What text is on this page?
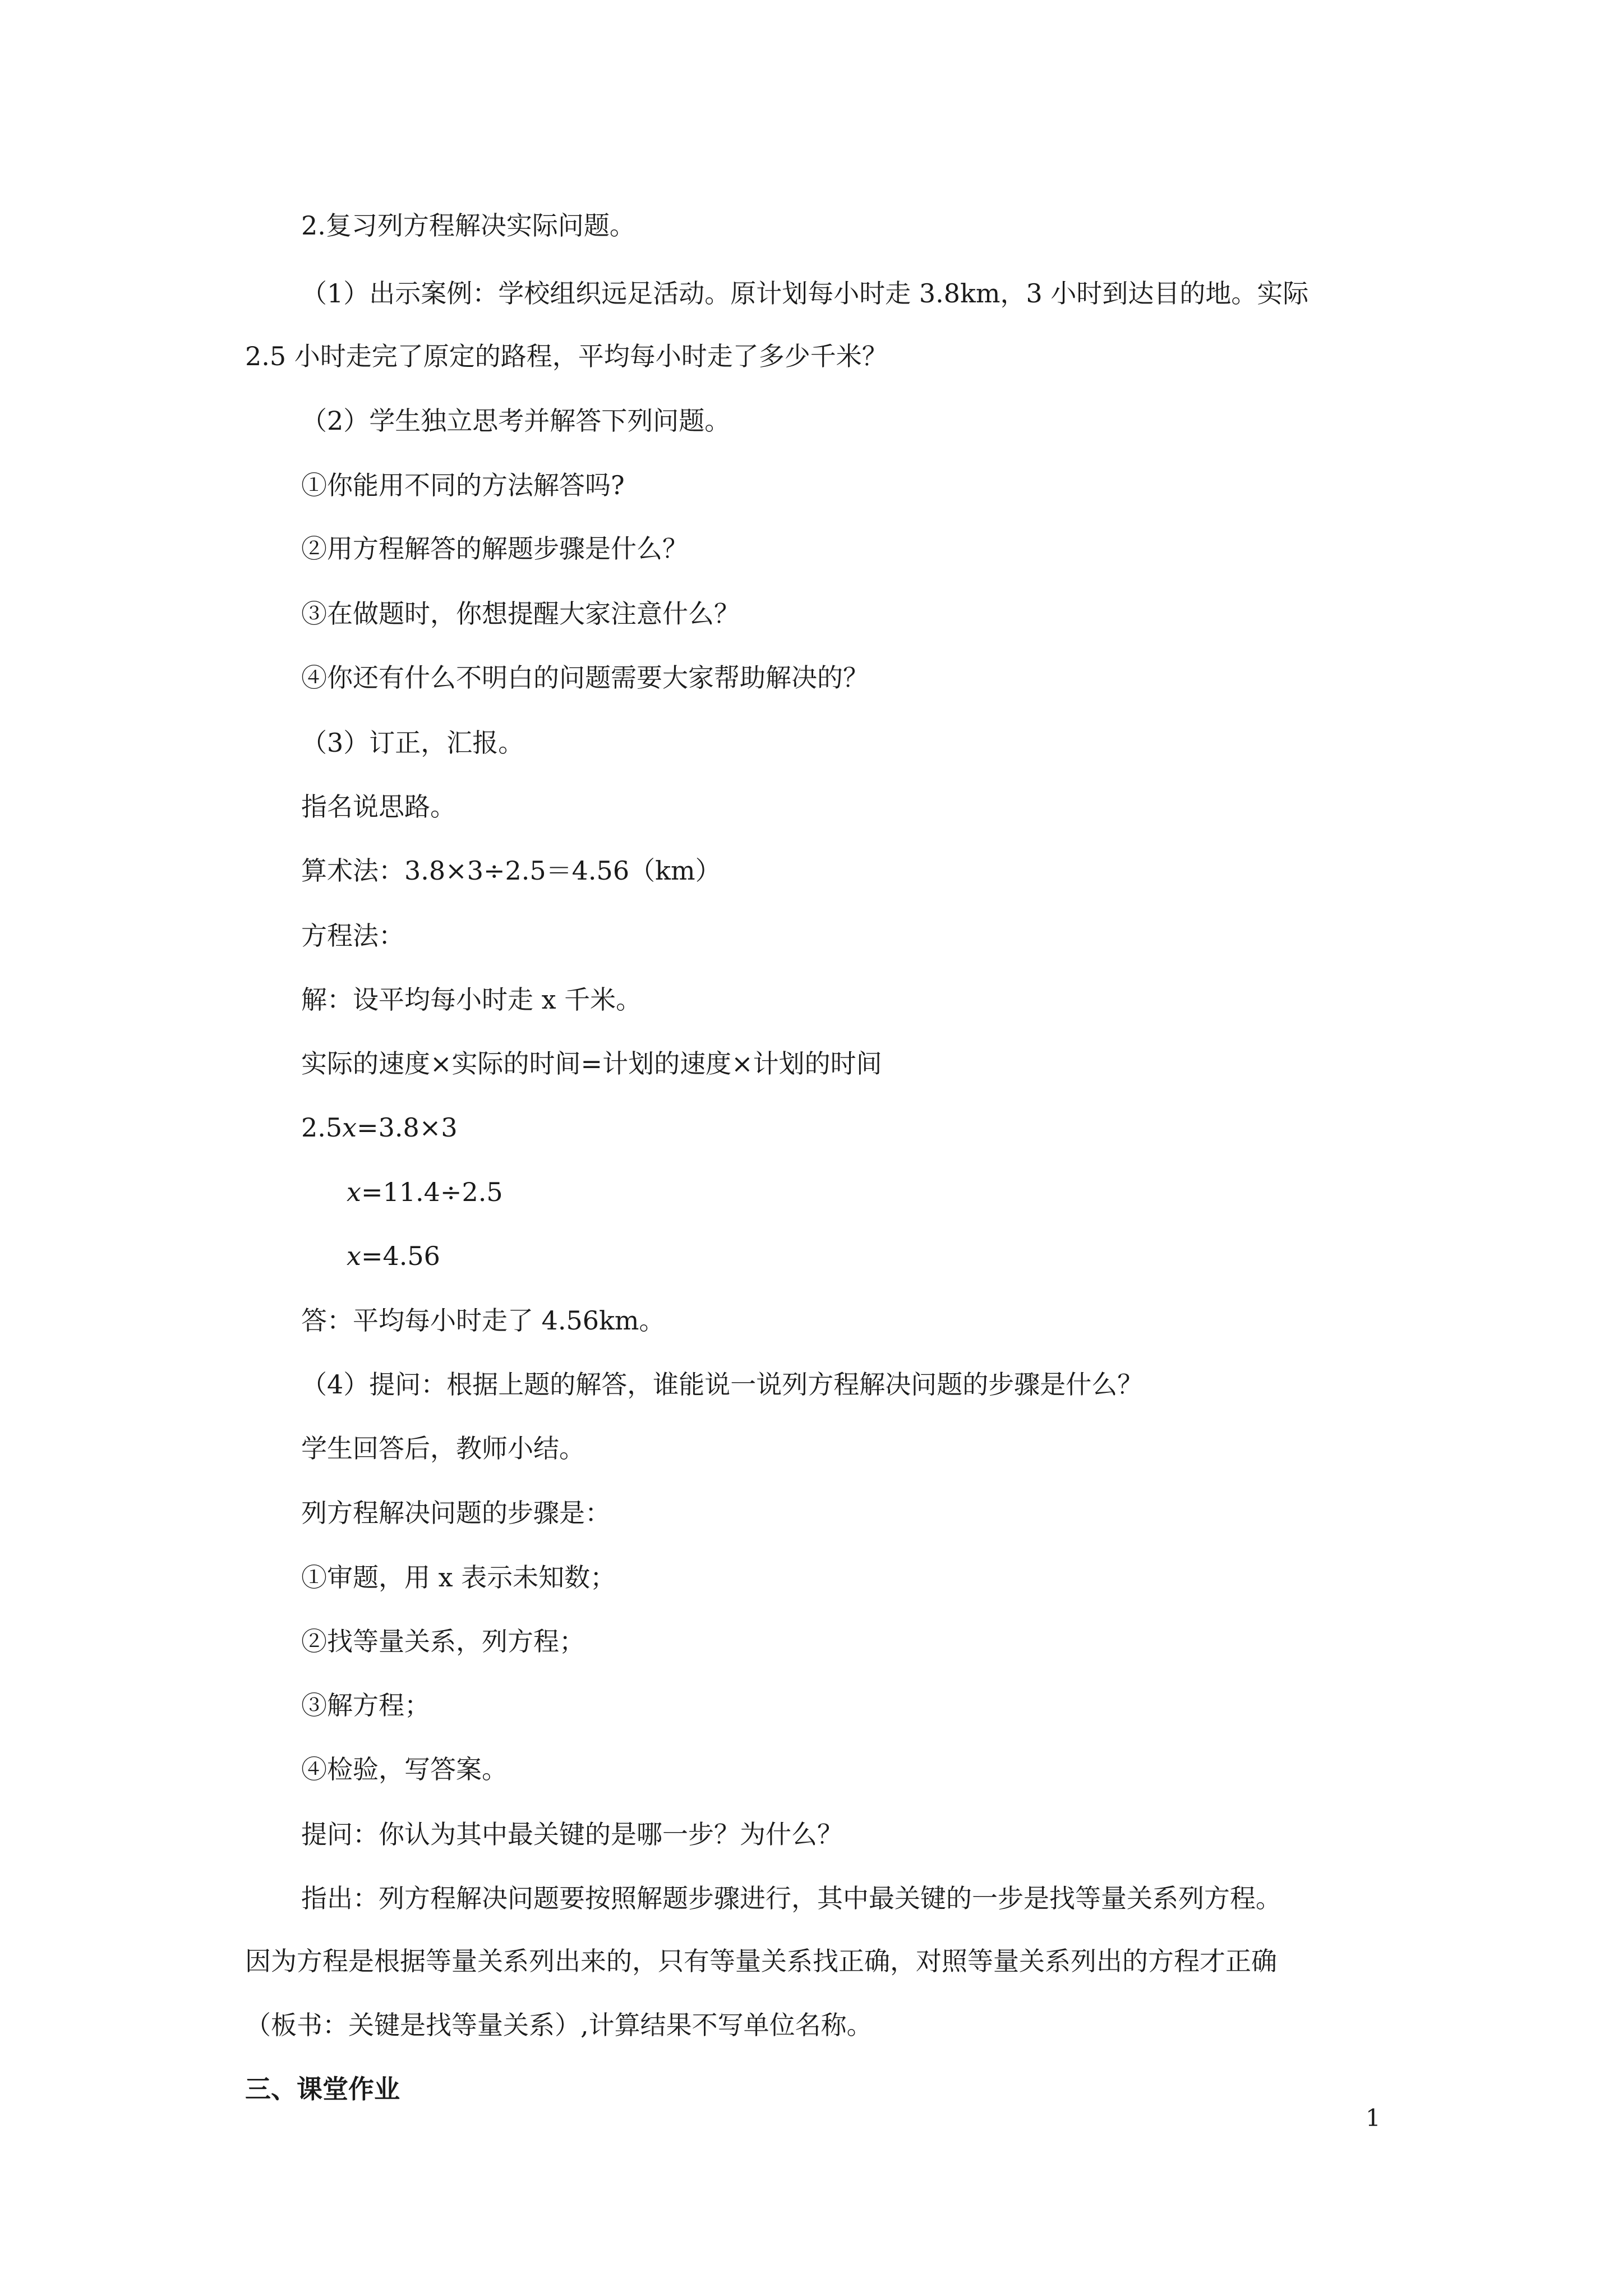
2.复习列方程解决实际问题。
（1）出示案例：学校组织远足活动。原计划每小时走 3.8km，3 小时到达目的地。实际
2.5 小时走完了原定的路程，平均每小时走了多少千米？
（2）学生独立思考并解答下列问题。
①你能用不同的方法解答吗?
②用方程解答的解题步骤是什么？
③在做题时，你想提醒大家注意什么？
④你还有什么不明白的问题需要大家帮助解决的？
（3）订正，汇报。
指名说思路。
算术法：3.8×3÷2.5＝4.56（km）
方程法：
解：设平均每小时走 x 千米。
实际的速度×实际的时间=计划的速度×计划的时间
2.5x=3.8×3
x=11.4÷2.5
x=4.56
答：平均每小时走了 4.56km。
（4）提问：根据上题的解答，谁能说一说列方程解决问题的步骤是什么？
学生回答后，教师小结。
列方程解决问题的步骤是：
①审题，用 x 表示未知数；
②找等量关系，列方程；
③解方程；
④检验，写答案。
提问：你认为其中最关键的是哪一步？为什么？
指出：列方程解决问题要按照解题步骤进行，其中最关键的一步是找等量关系列方程。
因为方程是根据等量关系列出来的，只有等量关系找正确，对照等量关系列出的方程才正确
（板书：关键是找等量关系）,计算结果不写单位名称。
三、课堂作业
1
